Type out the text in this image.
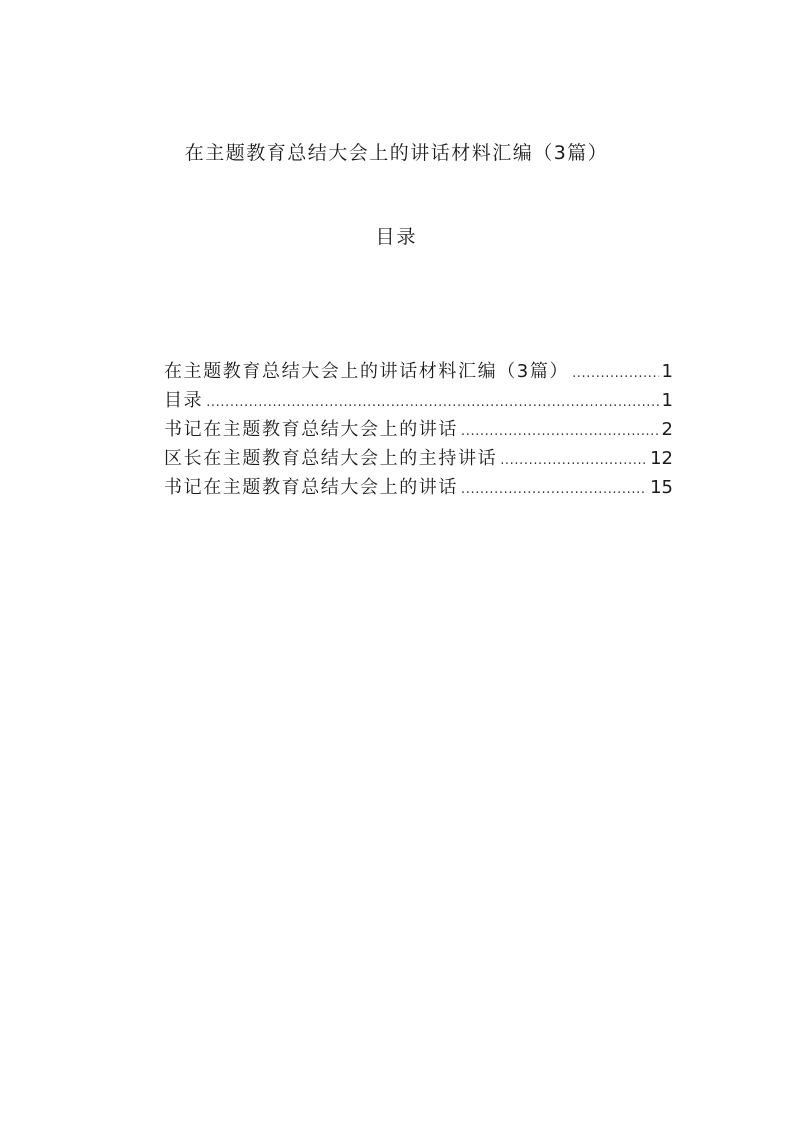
在主题教育总结大会上的讲话材料汇编（3篇）
目录
在主题教育总结大会上的讲话材料汇编（3篇） .....	1
目录 .....	1
书记在主题教育总结大会上的讲话 .....	2
区长在主题教育总结大会上的主持讲话 .....	12
书记在主题教育总结大会上的讲话 .....	15
